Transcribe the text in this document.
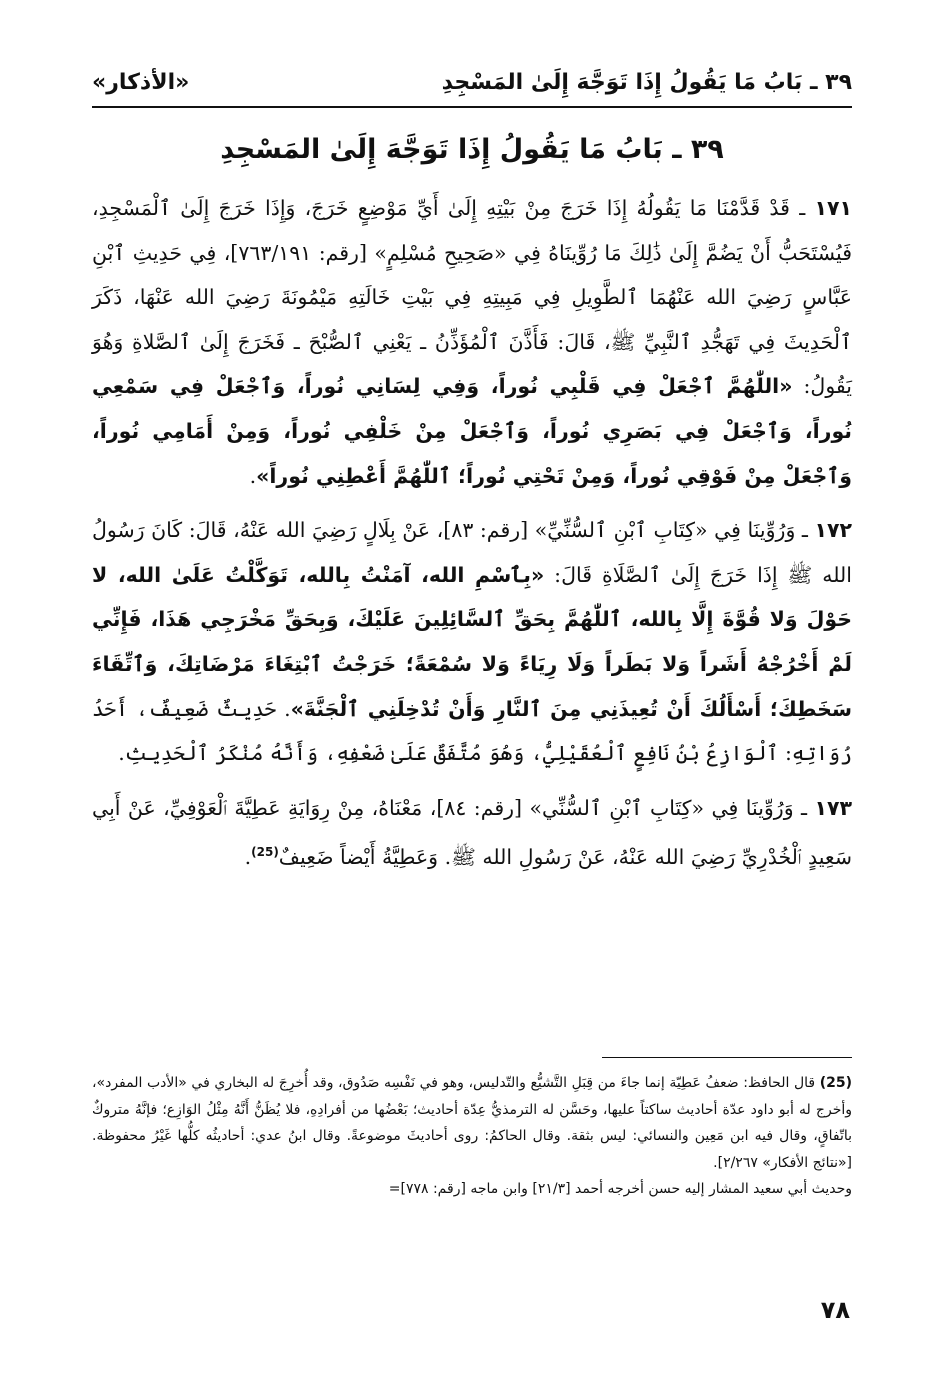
٣٩ ـ بَابُ مَا يَقُولُ إِذَا تَوَجَّهَ إِلَىٰ المَسْجِدِ
«الأذكار»
٣٩ ـ بَابُ مَا يَقُولُ إِذَا تَوَجَّهَ إِلَىٰ المَسْجِدِ

١٧١ ـ قَدْ قَدَّمْنَا مَا يَقُولُهُ إِذَا خَرَجَ مِنْ بَيْتِهِ إِلَىٰ أَيِّ مَوْضِعٍ خَرَجَ، وَإِذَا خَرَجَ إِلَىٰ ٱلْمَسْجِدِ، فَيُسْتَحَبُّ أَنْ يَضُمَّ إِلَىٰ ذَٰلِكَ مَا رُوِّينَاهُ فِي «صَحِيحِ مُسْلِمٍ» [رقم: ٧٦٣/١٩١]، فِي حَدِيثِ ٱبْنِ عَبَّاسٍ رَضِيَ الله عَنْهُمَا ٱلطَّوِيلِ فِي مَبِيتِهِ فِي بَيْتِ خَالَتِهِ مَيْمُونَةَ رَضِيَ الله عَنْهَا، ذَكَرَ ٱلْحَدِيثَ فِي تَهَجُّدِ ٱلنَّبِيِّ ﷺ، قَالَ: فَأَذَّنَ ٱلْمُؤَذِّنُ ـ يَعْنِي ٱلصُّبْحَ ـ فَخَرَجَ إِلَىٰ ٱلصَّلاةِ وَهُوَ يَقُولُ: «اللّٰهُمَّ ٱجْعَلْ فِي قَلْبِي نُوراً، وَفِي لِسَانِي نُوراً، وَٱجْعَلْ فِي سَمْعِي نُوراً، وَٱجْعَلْ فِي بَصَرِي نُوراً، وَٱجْعَلْ مِنْ خَلْفِي نُوراً، وَمِنْ أَمَامِي نُوراً، وَٱجْعَلْ مِنْ فَوْقِي نُوراً، وَمِنْ تَحْتِي نُوراً؛ ٱللّٰهُمَّ أَعْطِنِي نُوراً».

١٧٢ ـ وَرُوِّينَا فِي «كِتَابِ ٱبْنِ ٱلسُّنِّيِّ» [رقم: ٨٣]، عَنْ بِلَالٍ رَضِيَ الله عَنْهُ، قَالَ: كَانَ رَسُولُ الله ﷺ إِذَا خَرَجَ إِلَىٰ ٱلصَّلَاةِ قَالَ: «بِٱسْمِ الله، آمَنْتُ بِالله، تَوَكَّلْتُ عَلَىٰ الله، لا حَوْلَ وَلا قُوَّةَ إِلَّا بِالله، ٱللّٰهُمَّ بِحَقِّ ٱلسَّائِلِينَ عَلَيْكَ، وَبِحَقِّ مَخْرَجِي هَذَا، فَإِنِّي لَمْ أَخْرُجْهُ أَشَراً وَلا بَطَراً وَلَا رِيَاءً وَلا سُمْعَةً؛ خَرَجْتُ ٱبْتِغَاءَ مَرْضَاتِكَ، وَٱتِّقَاءَ سَخَطِكَ؛ أَسْأَلُكَ أَنْ تُعِيذَنِي مِنَ ٱلنَّارِ وَأَنْ تُدْخِلَنِي ٱلْجَنَّةَ». حَدِيثٌ ضَعِيفٌ، أَحَدُ رُوَاتِهِ: ٱلْوَازِعُ بْنُ نَافِعٍ ٱلْعُقَيْلِيُّ، وَهُوَ مُتَّفَقٌ عَلَىٰ ضَعْفِهِ، وَأَنَّهُ مُنْكَرُ ٱلْحَدِيثِ.

١٧٣ ـ وَرُوِّينَا فِي «كِتَابِ ٱبْنِ ٱلسُّنِّي» [رقم: ٨٤]، مَعْنَاهُ، مِنْ رِوَايَةِ عَطِيَّةَ ٱلْعَوْفِيِّ، عَنْ أَبِي سَعِيدٍ ٱلْخُدْرِيِّ رَضِيَ الله عَنْهُ، عَنْ رَسُولِ الله ﷺ. وَعَطِيَّةُ أَيْضاً ضَعِيفٌ$^{(25)}$.

(25) قال الحافظ: ضعفُ عَطِيّة إنما جاءَ من قِبَلِ التَّشيُّع والتّدليس، وهو في نَفْسِه صَدُوق، وقد أُخرِجَ له البخاري في «الأدب المفرد»، وأخرج له أبو داود عدّة أحاديث ساكتاً عليها، وحَسَّن له الترمذيُّ عِدّة أحاديث؛ بَعْضُها من أفرادِهِ، فلا يُظَنُّ أَنَّهُ مِثْلُ الوَازِع؛ فإنَّهُ متروكٌ باتّفاقٍ، وقال فيه ابن مَعِين والنسائي: ليس بثقة. وقال الحاكمُ: روى أحاديثَ موضوعةً. وقال ابنُ عدي: أحاديثُه كلُّها غَيْرُ محفوظة. [«نتائج الأفكار» ٢/٢٦٧].

وحديث أبي سعيد المشار إليه حسن أخرجه أحمد [٢١/٣] وابن ماجه [رقم: ٧٧٨]=

٧٨
